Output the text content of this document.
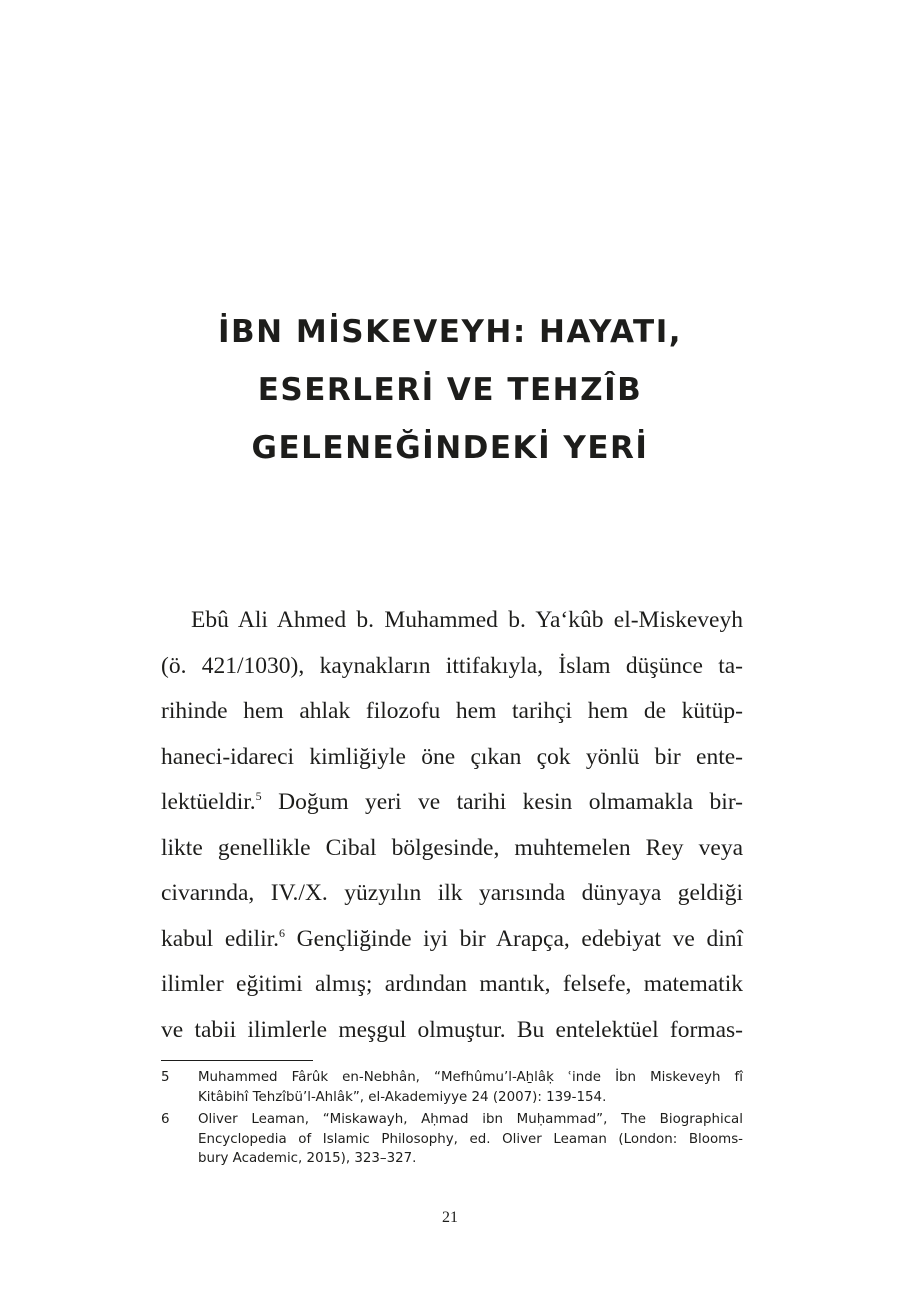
İBN MİSKEVEYH: HAYATI,
ESERLERİ VE TEHZÎB
GELENEĞİNDEKİ YERİ
Ebû Ali Ahmed b. Muhammed b. Ya‘kûb el-Miskeveyh
(ö. 421/1030), kaynakların ittifakıyla, İslam düşünce ta-
rihinde hem ahlak filozofu hem tarihçi hem de kütüp-
haneci-idareci kimliğiyle öne çıkan çok yönlü bir ente-
lektüeldir.$^5$ Doğum yeri ve tarihi kesin olmamakla bir-
likte genellikle Cibal bölgesinde, muhtemelen Rey veya
civarında, IV./X. yüzyılın ilk yarısında dünyaya geldiği
kabul edilir.$^6$ Gençliğinde iyi bir Arapça, edebiyat ve dinî
ilimler eğitimi almış; ardından mantık, felsefe, matematik
ve tabii ilimlerle meşgul olmuştur. Bu entelektüel formas-
5	Muhammed Fârûk en-Nebhân, “Mefhûmu’l-Aẖlâḳ ʿinde İbn Miskeveyh fî
Kitâbihî Tehzîbü’l-Ahlâk”, el-Akademiyye 24 (2007): 139-154.
6	Oliver Leaman, “Miskawayh, Aḥmad ibn Muḥammad”, The Biographical
Encyclopedia of Islamic Philosophy, ed. Oliver Leaman (London: Blooms-
bury Academic, 2015), 323–327.
21
